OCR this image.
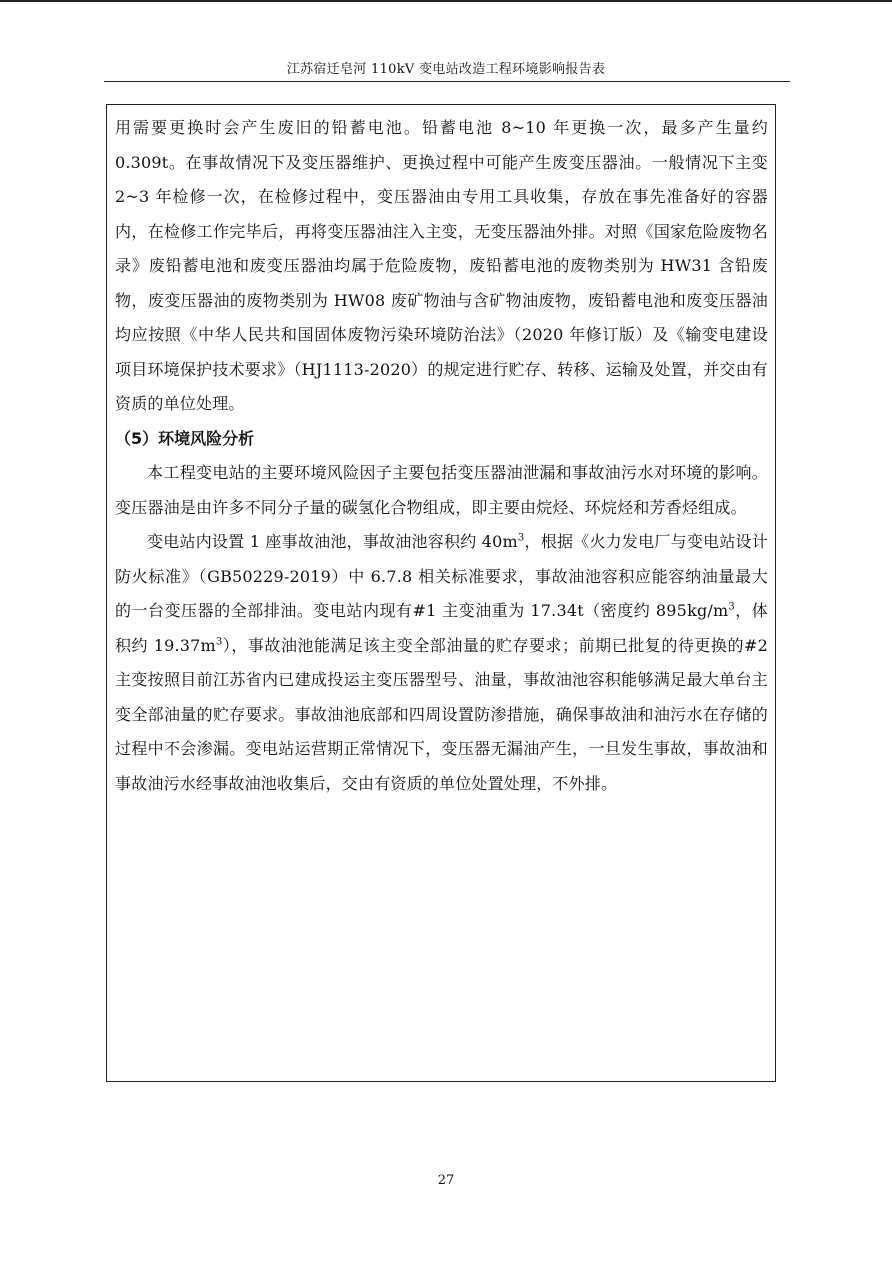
江苏宿迁皂河 110kV 变电站改造工程环境影响报告表

用需要更换时会产生废旧的铅蓄电池。铅蓄电池 8~10 年更换一次，最多产生量约 0.309t。在事故情况下及变压器维护、更换过程中可能产生废变压器油。一般情况下主变 2~3 年检修一次，在检修过程中，变压器油由专用工具收集，存放在事先准备好的容器内，在检修工作完毕后，再将变压器油注入主变，无变压器油外排。对照《国家危险废物名录》废铅蓄电池和废变压器油均属于危险废物，废铅蓄电池的废物类别为 HW31 含铅废物，废变压器油的废物类别为 HW08 废矿物油与含矿物油废物，废铅蓄电池和废变压器油均应按照《中华人民共和国固体废物污染环境防治法》（2020 年修订版）及《输变电建设项目环境保护技术要求》（HJ1113-2020）的规定进行贮存、转移、运输及处置，并交由有资质的单位处理。

（5）环境风险分析

本工程变电站的主要环境风险因子主要包括变压器油泄漏和事故油污水对环境的影响。变压器油是由许多不同分子量的碳氢化合物组成，即主要由烷烃、环烷烃和芳香烃组成。

变电站内设置 1 座事故油池，事故油池容积约 $40m^3$，根据《火力发电厂与变电站设计防火标准》（GB50229-2019）中 6.7.8 相关标准要求，事故油池容积应能容纳油量最大的一台变压器的全部排油。变电站内现有#1 主变油重为 17.34t（密度约 $895kg/m^3$，体积约 $19.37m^3$），事故油池能满足该主变全部油量的贮存要求；前期已批复的待更换的#2 主变按照目前江苏省内已建成投运主变压器型号、油量，事故油池容积能够满足最大单台主变全部油量的贮存要求。事故油池底部和四周设置防渗措施，确保事故油和油污水在存储的过程中不会渗漏。变电站运营期正常情况下，变压器无漏油产生，一旦发生事故，事故油和事故油污水经事故油池收集后，交由有资质的单位处置处理，不外排。

27
